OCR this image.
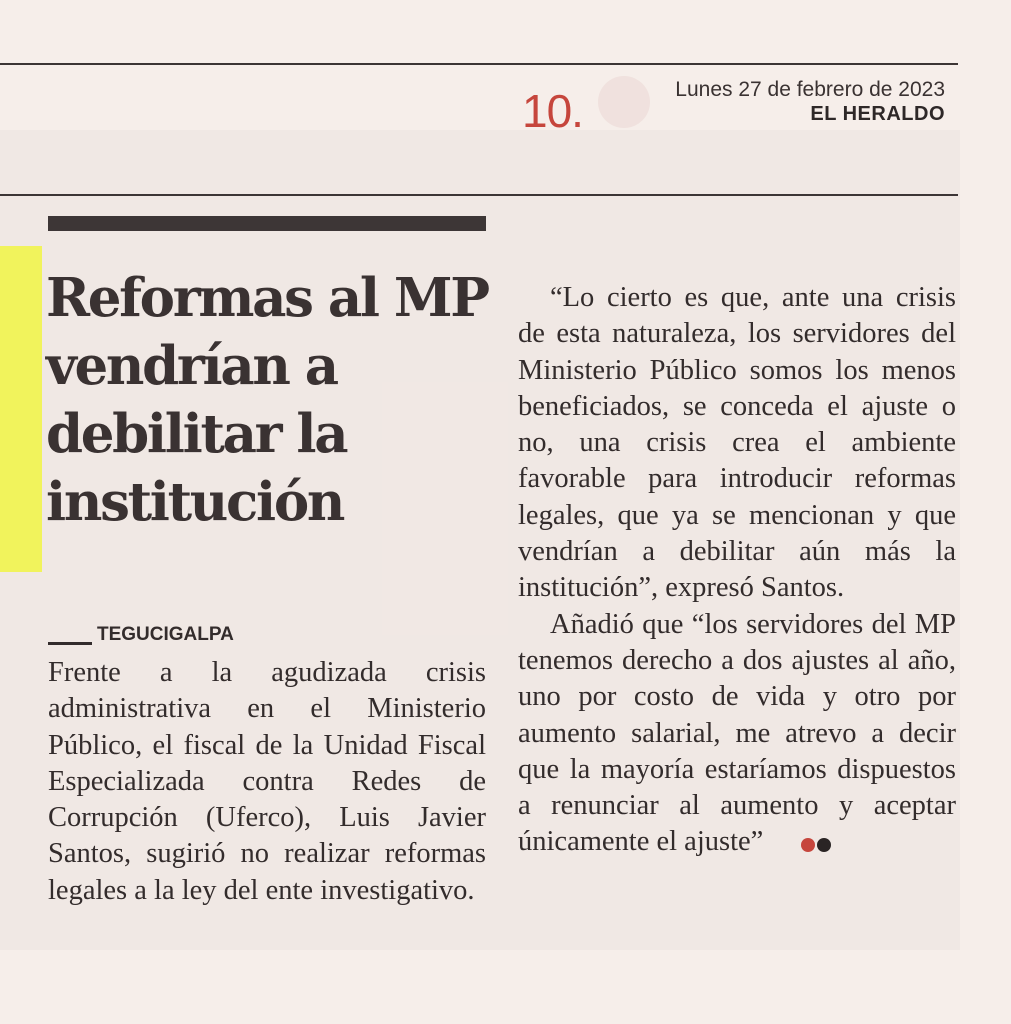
10.	Lunes 27 de febrero de 2023
EL HERALDO
Reformas al MP vendrían a debilitar la institución
TEGUCIGALPA
Frente a la agudizada crisis administrativa en el Ministerio Público, el fiscal de la Unidad Fiscal Especializada contra Redes de Corrupción (Uferco), Luis Javier Santos, sugirió no realizar reformas legales a la ley del ente investigativo.

“Lo cierto es que, ante una crisis de esta naturaleza, los servidores del Ministerio Público somos los menos beneficiados, se conceda el ajuste o no, una crisis crea el ambiente favorable para introducir reformas legales, que ya se mencionan y que vendrían a debilitar aún más la institución”, expresó Santos.

Añadió que “los servidores del MP tenemos derecho a dos ajustes al año, uno por costo de vida y otro por aumento salarial, me atrevo a decir que la mayoría estaríamos dispuestos a renunciar al aumento y aceptar únicamente el ajuste”
